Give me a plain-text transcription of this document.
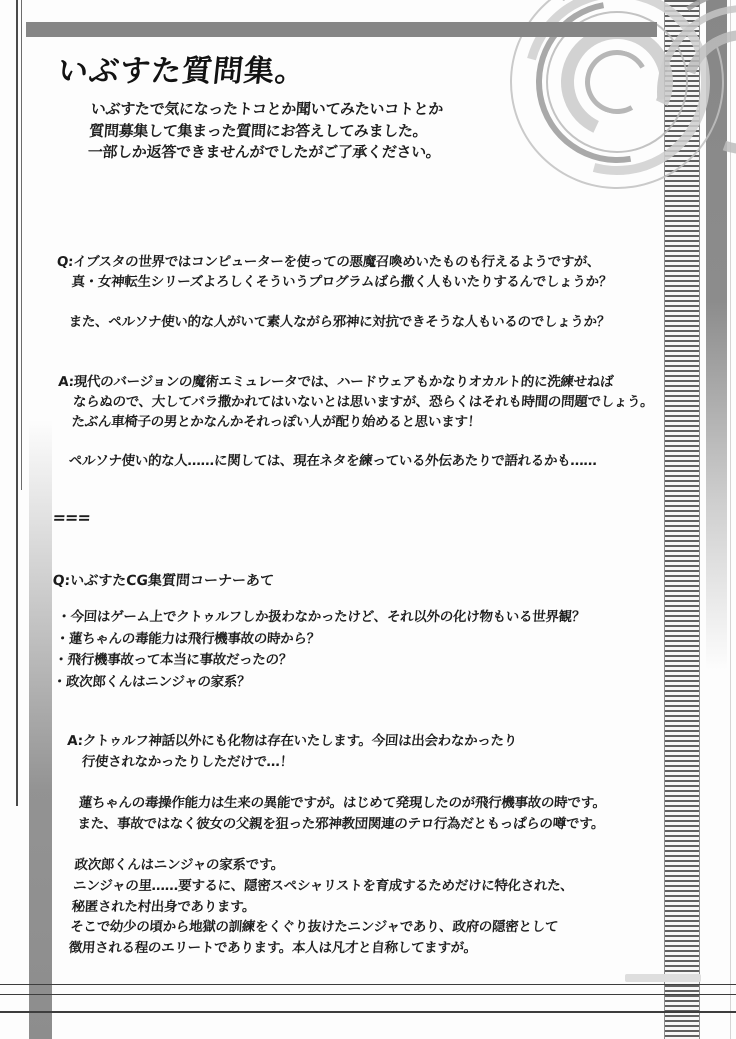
いぶすた質問集。
いぶすたで気になったトコとか聞いてみたいコトとか
質問募集して集まった質問にお答えしてみました。
一部しか返答できませんがでしたがご了承ください。
Q:イブスタの世界ではコンピューターを使っての悪魔召喚めいたものも行えるようですが、
真・女神転生シリーズよろしくそういうプログラムばら撒く人もいたりするんでしょうか？

また、ペルソナ使い的な人がいて素人ながら邪神に対抗できそうな人もいるのでしょうか？
A:現代のバージョンの魔術エミュレータでは、ハードウェアもかなりオカルト的に洗練せねば
ならぬので、大してバラ撒かれてはいないとは思いますが、恐らくはそれも時間の問題でしょう。
たぶん車椅子の男とかなんかそれっぽい人が配り始めると思います！

ペルソナ使い的な人……に関しては、現在ネタを練っている外伝あたりで語れるかも……
===
Q:いぶすたCG集質問コーナーあて
・今回はゲーム上でクトゥルフしか扱わなかったけど、それ以外の化け物もいる世界観？
・蓮ちゃんの毒能力は飛行機事故の時から？
・飛行機事故って本当に事故だったの？
・政次郎くんはニンジャの家系？
A:クトゥルフ神話以外にも化物は存在いたします。今回は出会わなかったり
行使されなかったりしただけで…！

蓮ちゃんの毒操作能力は生来の異能ですが。はじめて発現したのが飛行機事故の時です。
また、事故ではなく彼女の父親を狙った邪神教団関連のテロ行為だともっぱらの噂です。

政次郎くんはニンジャの家系です。
ニンジャの里……要するに、隠密スペシャリストを育成するためだけに特化された、
秘匿された村出身であります。
そこで幼少の頃から地獄の訓練をくぐり抜けたニンジャであり、政府の隠密として
徴用される程のエリートであります。本人は凡才と自称してますが。
